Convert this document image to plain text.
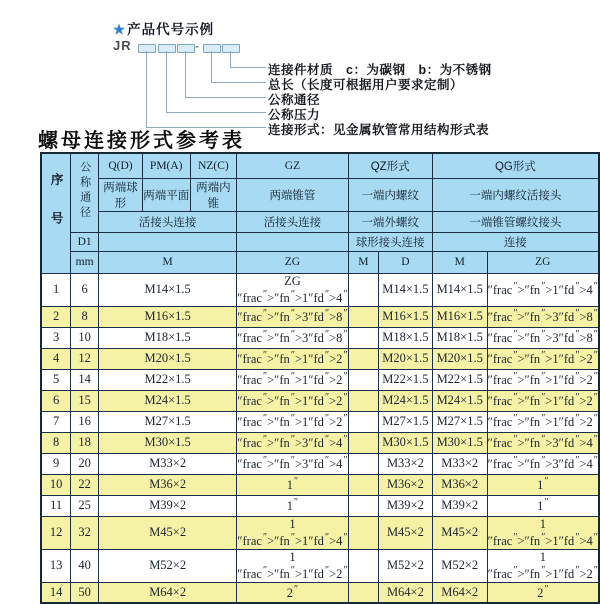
★产品代号示例
JR	-
连接件材质　c：为碳钢　b：为不锈钢
总长（长度可根据用户要求定制）
公称通径
公称压力
连接形式：见金属软管常用结构形式表
螺母连接形式参考表
序号	公称通径	Q(D)	PM(A)	NZ(C)	GZ	QZ形式		QG形式	
		两端球形	两端平面	两端内锥	两端锥管	一端内螺纹		一端内螺纹活接头	
		活接头连接			活接头连接	一端外螺纹		一端锥管螺纹接头	
	D1					球形接头连接		连接	
	mm	M			ZG	M	D	M	ZG
1	6	M14×1.5			ZG ″frac″>″fn″>1″fd″>4″		M14×1.5	M14×1.5	″frac″>″fn″>1″fd″>4″
2	8	M16×1.5			″frac″>″fn″>3″fd″>8″		M16×1.5	M16×1.5	″frac″>″fn″>3″fd″>8″
3	10	M18×1.5			″frac″>″fn″>3″fd″>8″		M18×1.5	M18×1.5	″frac″>″fn″>3″fd″>8″
4	12	M20×1.5			″frac″>″fn″>1″fd″>2″		M20×1.5	M20×1.5	″frac″>″fn″>1″fd″>2″
5	14	M22×1.5			″frac″>″fn″>1″fd″>2″		M22×1.5	M22×1.5	″frac″>″fn″>1″fd″>2″
6	15	M24×1.5			″frac″>″fn″>1″fd″>2″		M24×1.5	M24×1.5	″frac″>″fn″>1″fd″>2″
7	16	M27×1.5			″frac″>″fn″>1″fd″>2″		M27×1.5	M27×1.5	″frac″>″fn″>1″fd″>2″
8	18	M30×1.5			″frac″>″fn″>3″fd″>4″		M30×1.5	M30×1.5	″frac″>″fn″>3″fd″>4″
9	20	M33×2			″frac″>″fn″>3″fd″>4″		M33×2	M33×2	″frac″>″fn″>3″fd″>4″
10	22	M36×2			1″		M36×2	M36×2	1″
11	25	M39×2			1″		M39×2	M39×2	1″
12	32	M45×2			1 ″frac″>″fn″>1″fd″>4″		M45×2	M45×2	1 ″frac″>″fn″>1″fd″>4″
13	40	M52×2			1 ″frac″>″fn″>1″fd″>2″		M52×2	M52×2	1 ″frac″>″fn″>1″fd″>2″
14	50	M64×2			2″		M64×2	M64×2	2″
